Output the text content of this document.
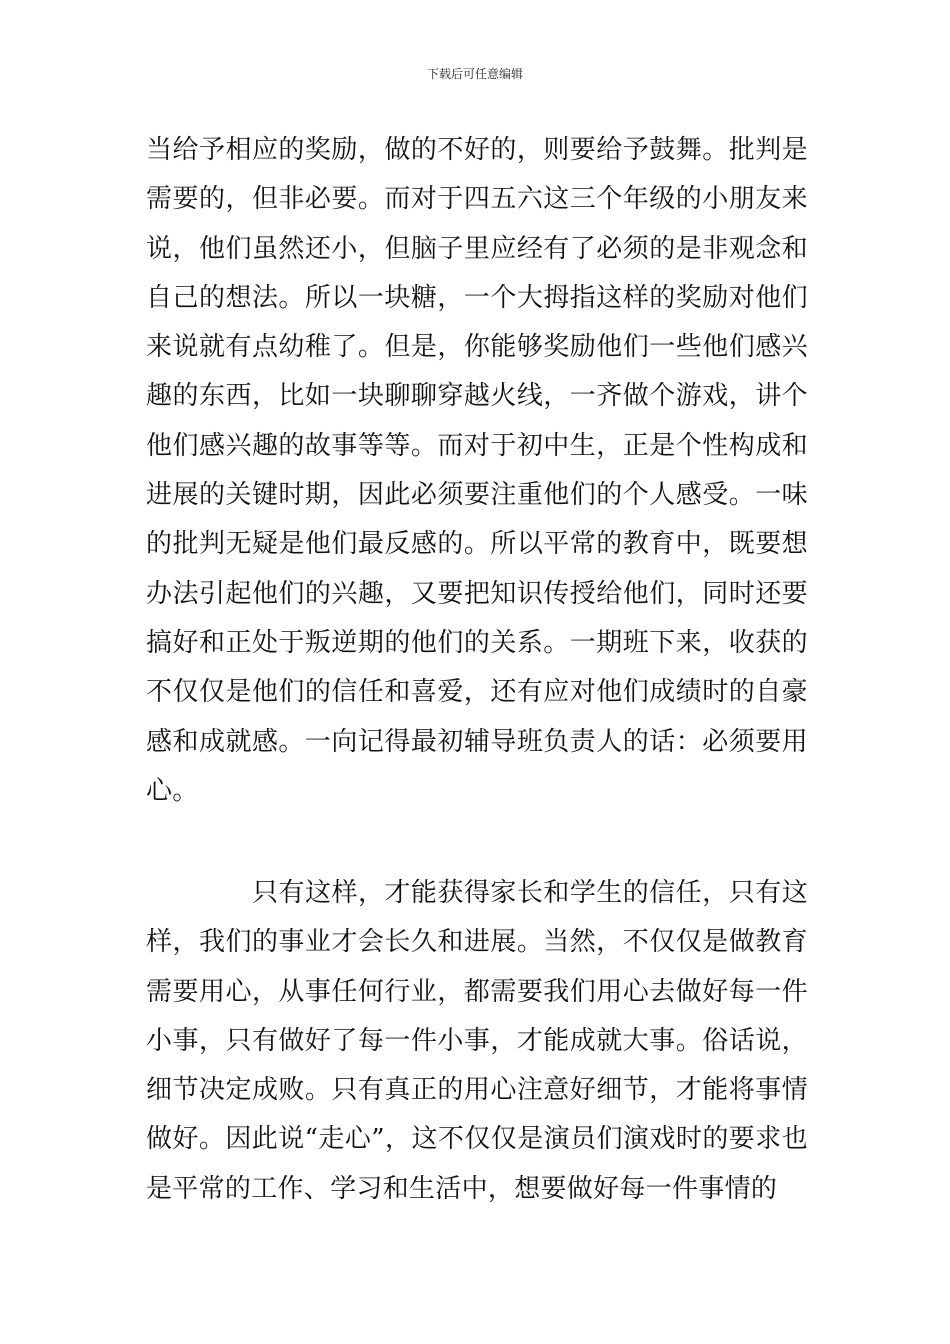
下载后可任意编辑

当给予相应的奖励，做的不好的，则要给予鼓舞。批判是需要的，但非必要。而对于四五六这三个年级的小朋友来说，他们虽然还小，但脑子里应经有了必须的是非观念和自己的想法。所以一块糖，一个大拇指这样的奖励对他们来说就有点幼稚了。但是，你能够奖励他们一些他们感兴趣的东西，比如一块聊聊穿越火线，一齐做个游戏，讲个他们感兴趣的故事等等。而对于初中生，正是个性构成和进展的关键时期，因此必须要注重他们的个人感受。一味的批判无疑是他们最反感的。所以平常的教育中，既要想办法引起他们的兴趣，又要把知识传授给他们，同时还要搞好和正处于叛逆期的他们的关系。一期班下来，收获的不仅仅是他们的信任和喜爱，还有应对他们成绩时的自豪感和成就感。一向记得最初辅导班负责人的话：必须要用心。

只有这样，才能获得家长和学生的信任，只有这样，我们的事业才会长久和进展。当然，不仅仅是做教育需要用心，从事任何行业，都需要我们用心去做好每一件小事，只有做好了每一件小事，才能成就大事。俗话说，细节决定成败。只有真正的用心注意好细节，才能将事情做好。因此说“走心”，这不仅仅是演员们演戏时的要求也是平常的工作、学习和生活中，想要做好每一件事情的
